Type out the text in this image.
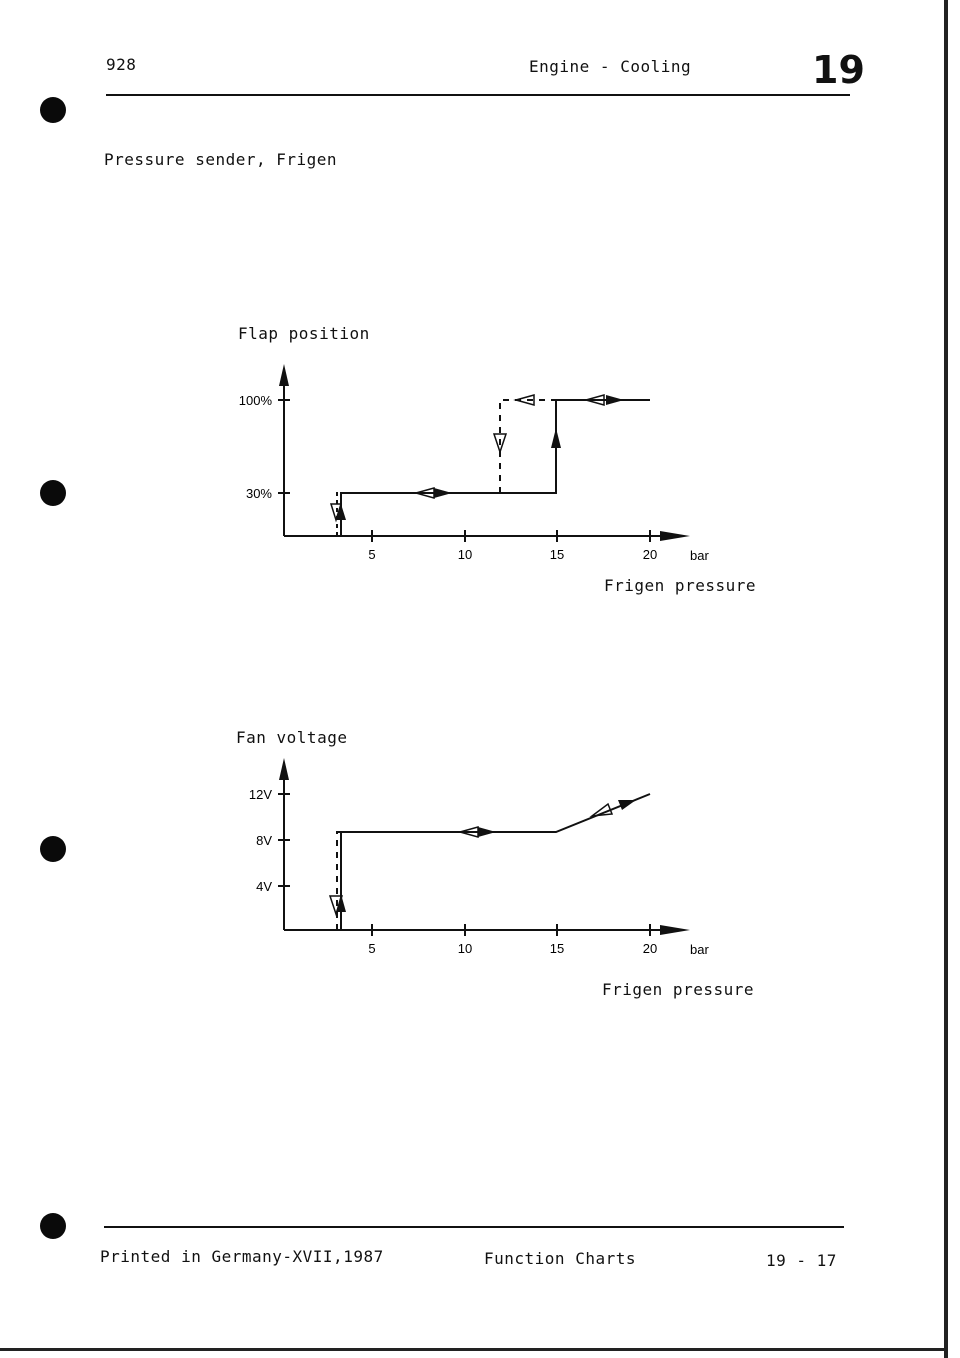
928	Engine - Cooling	19
Pressure sender, Frigen
Flap position
100%
30%
5	10	15	20	bar
Frigen pressure
Fan voltage
12V
8V
4V
5	10	15	20	bar
Frigen pressure
Printed in Germany-XVII,1987	Function Charts	19 - 17
